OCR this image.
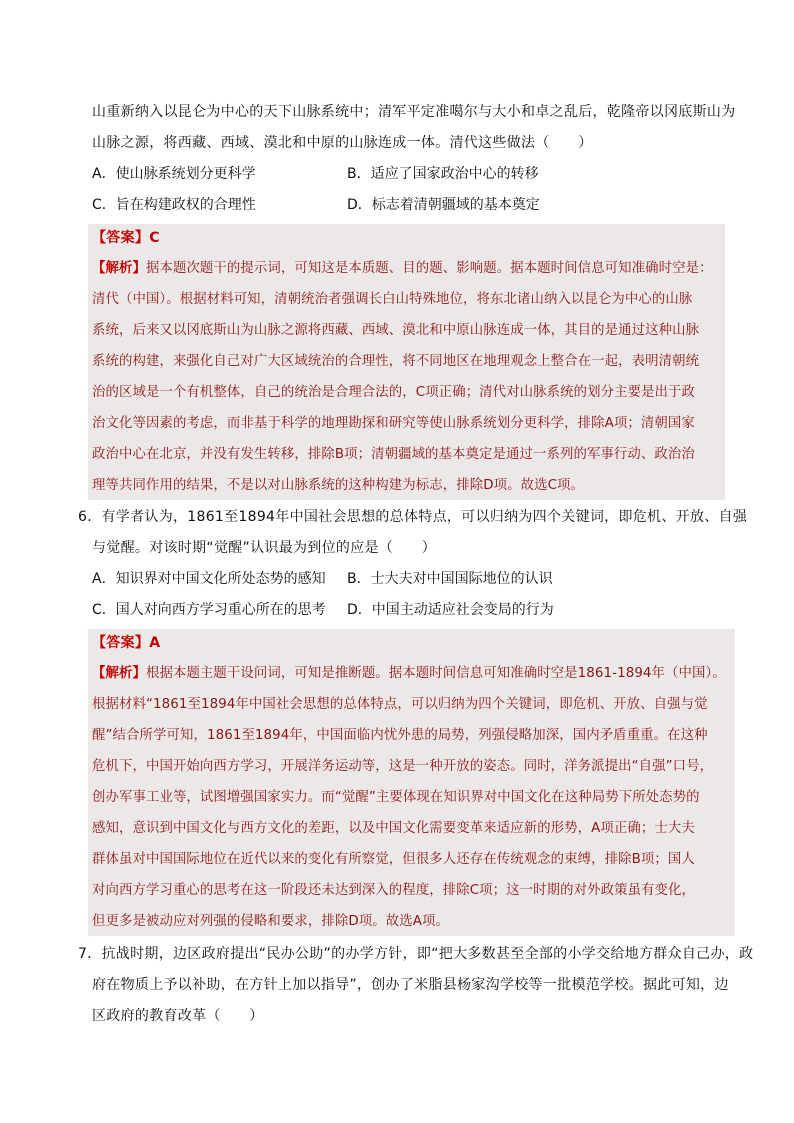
山重新纳入以昆仑为中心的天下山脉系统中；清军平定准噶尔与大小和卓之乱后，乾隆帝以冈底斯山为
山脉之源，将西藏、西域、漠北和中原的山脉连成一体。清代这些做法（　　）
A．使山脉系统划分更科学	B．适应了国家政治中心的转移
C．旨在构建政权的合理性	D．标志着清朝疆域的基本奠定
【答案】C
【解析】据本题次题干的提示词，可知这是本质题、目的题、影响题。据本题时间信息可知准确时空是：
清代（中国）。根据材料可知，清朝统治者强调长白山特殊地位，将东北诸山纳入以昆仑为中心的山脉
系统，后来又以冈底斯山为山脉之源将西藏、西域、漠北和中原山脉连成一体，其目的是通过这种山脉
系统的构建，来强化自己对广大区域统治的合理性，将不同地区在地理观念上整合在一起，表明清朝统
治的区域是一个有机整体，自己的统治是合理合法的，C项正确；清代对山脉系统的划分主要是出于政
治文化等因素的考虑，而非基于科学的地理勘探和研究等使山脉系统划分更科学，排除A项；清朝国家
政治中心在北京，并没有发生转移，排除B项；清朝疆域的基本奠定是通过一系列的军事行动、政治治
理等共同作用的结果，不是以对山脉系统的这种构建为标志，排除D项。故选C项。
6．有学者认为，1861至1894年中国社会思想的总体特点，可以归纳为四个关键词，即危机、开放、自强
与觉醒。对该时期“觉醒”认识最为到位的应是（　　）
A．知识界对中国文化所处态势的感知 B．士大夫对中国国际地位的认识
C．国人对向西方学习重心所在的思考 D．中国主动适应社会变局的行为
【答案】A
【解析】根据本题主题干设问词，可知是推断题。据本题时间信息可知准确时空是1861-1894年（中国）。
根据材料“1861至1894年中国社会思想的总体特点，可以归纳为四个关键词，即危机、开放、自强与觉
醒”结合所学可知，1861至1894年，中国面临内忧外患的局势，列强侵略加深，国内矛盾重重。在这种
危机下，中国开始向西方学习，开展洋务运动等，这是一种开放的姿态。同时，洋务派提出“自强”口号，
创办军事工业等，试图增强国家实力。而“觉醒”主要体现在知识界对中国文化在这种局势下所处态势的
感知，意识到中国文化与西方文化的差距，以及中国文化需要变革来适应新的形势，A项正确；士大夫
群体虽对中国国际地位在近代以来的变化有所察觉，但很多人还存在传统观念的束缚，排除B项；国人
对向西方学习重心的思考在这一阶段还未达到深入的程度，排除C项；这一时期的对外政策虽有变化，
但更多是被动应对列强的侵略和要求，排除D项。故选A项。
7．抗战时期，边区政府提出“民办公助”的办学方针，即“把大多数甚至全部的小学交给地方群众自己办，政
府在物质上予以补助，在方针上加以指导”，创办了米脂县杨家沟学校等一批模范学校。据此可知，边
区政府的教育改革（　　）
